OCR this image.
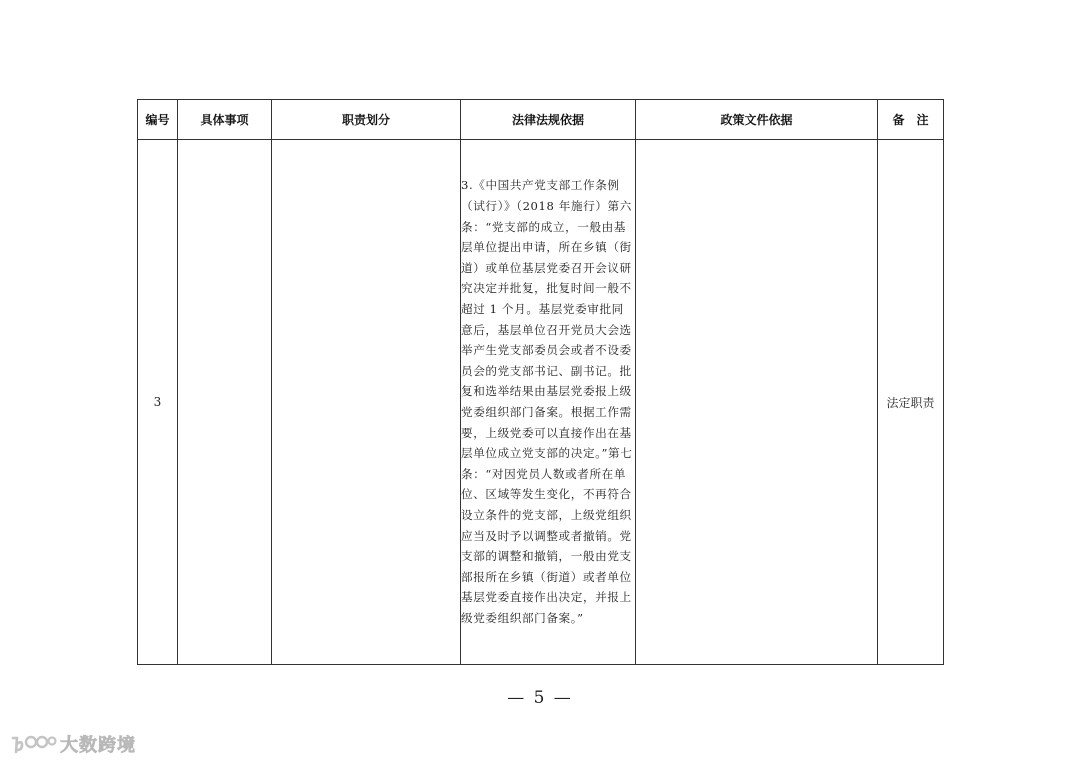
编号	具体事项	职责划分	法律法规依据	政策文件依据	备　注
3			3.《中国共产党支部工作条例（试行）》（2018 年施行）第六条：“党支部的成立，一般由基层单位提出申请，所在乡镇（街道）或单位基层党委召开会议研究决定并批复，批复时间一般不超过 1 个月。基层党委审批同意后，基层单位召开党员大会选举产生党支部委员会或者不设委员会的党支部书记、副书记。批复和选举结果由基层党委报上级党委组织部门备案。根据工作需要，上级党委可以直接作出在基层单位成立党支部的决定。”第七条：“对因党员人数或者所在单位、区域等发生变化，不再符合设立条件的党支部，上级党组织应当及时予以调整或者撤销。党支部的调整和撤销，一般由党支部报所在乡镇（街道）或者单位基层党委直接作出决定，并报上级党委组织部门备案。”		法定职责
— 5 —
大数跨境
